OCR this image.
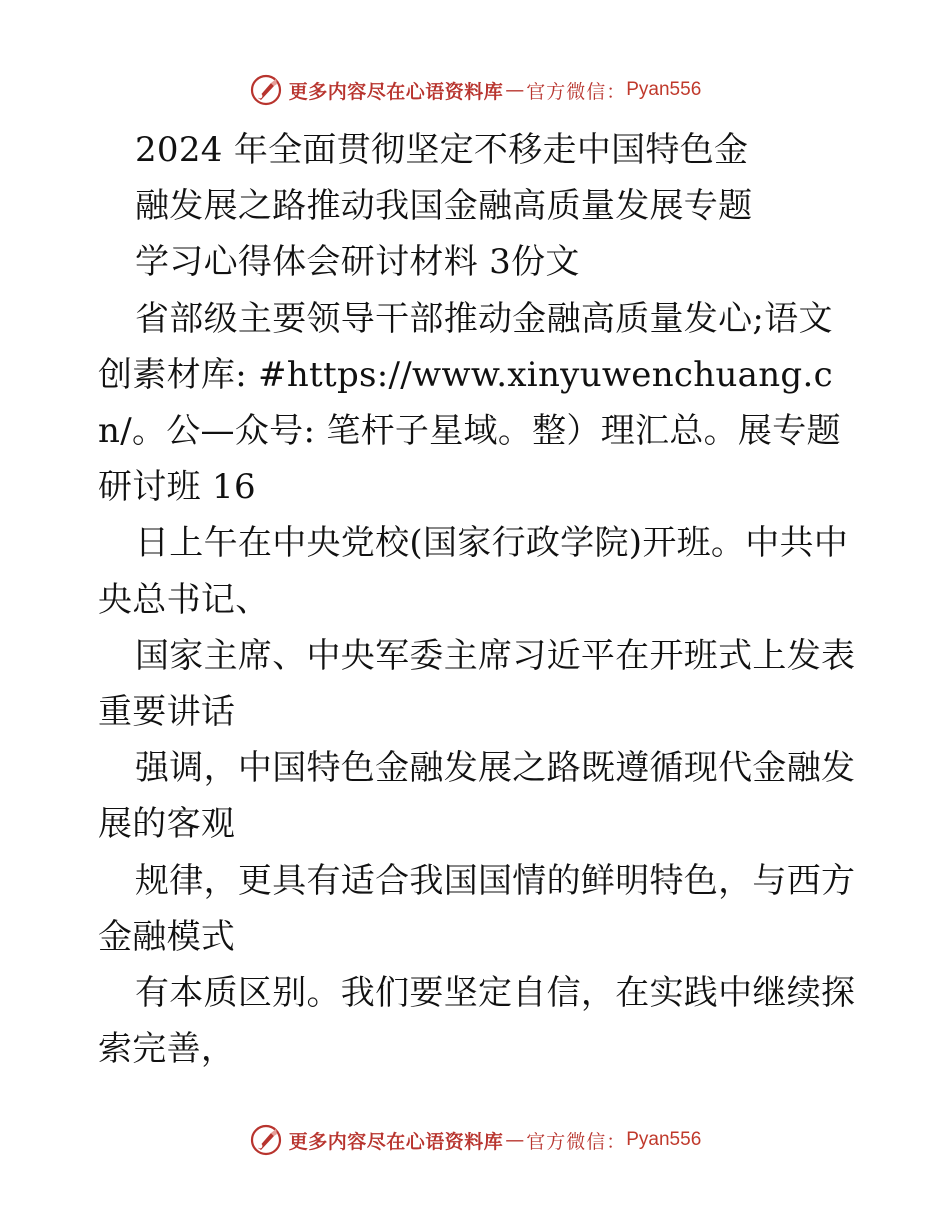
更多内容尽在心语资料库 — 官方微信： Pyan556

2024 年全面贯彻坚定不移走中国特色金

融发展之路推动我国金融高质量发展专题

学习心得体会研讨材料 3份文

省部级主要领导干部推动金融高质量发心;语文创素材库: #https://www.xinyuwenchuang.cn/。公—众号: 笔杆子星域。整）理汇总。展专题研讨班 16

日上午在中央党校(国家行政学院)开班。中共中央总书记、

国家主席、中央军委主席习近平在开班式上发表重要讲话

强调，中国特色金融发展之路既遵循现代金融发展的客观

规律，更具有适合我国国情的鲜明特色，与西方金融模式

有本质区别。我们要坚定自信，在实践中继续探索完善，

更多内容尽在心语资料库 — 官方微信： Pyan556
